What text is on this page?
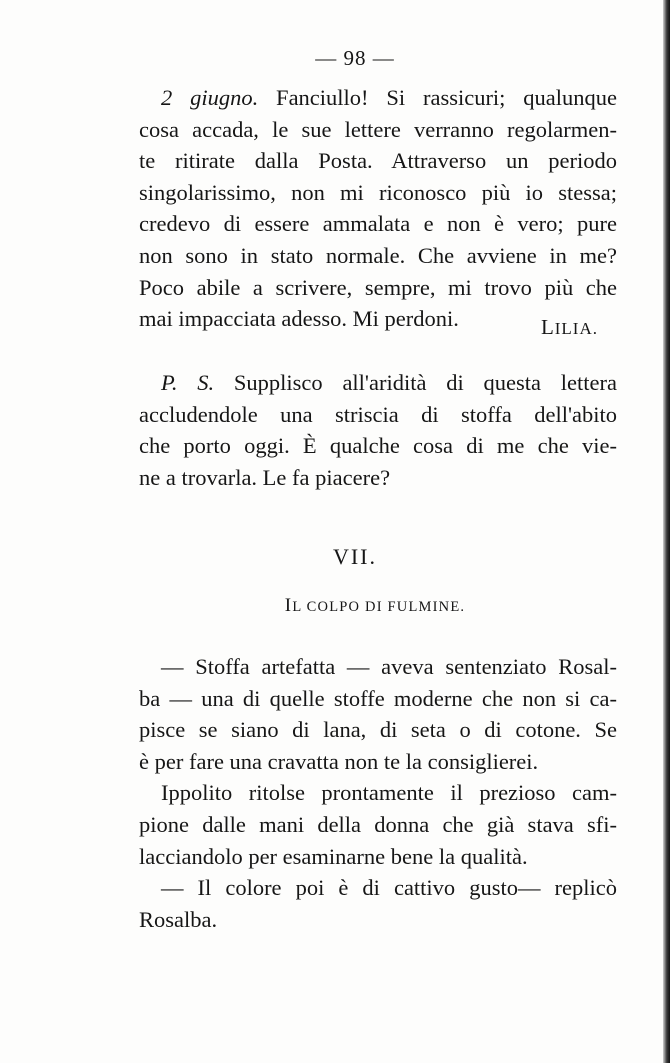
— 98 —
2 giugno. Fanciullo! Si rassicuri; qualunque
cosa accada, le sue lettere verranno regolarmen-
te ritirate dalla Posta. Attraverso un periodo
singolarissimo, non mi riconosco più io stessa;
credevo di essere ammalata e non è vero; pure
non sono in stato normale. Che avviene in me?
Poco abile a scrivere, sempre, mi trovo più che
mai impacciata adesso. Mi perdoni.	LILIA.
P. S. Supplisco all'aridità di questa lettera
accludendole una striscia di stoffa dell'abito
che porto oggi. È qualche cosa di me che vie-
ne a trovarla. Le fa piacere?
VII.
IL COLPO DI FULMINE.
— Stoffa artefatta — aveva sentenziato Rosal-
ba — una di quelle stoffe moderne che non si ca-
pisce se siano di lana, di seta o di cotone. Se
è per fare una cravatta non te la consiglierei.
Ippolito ritolse prontamente il prezioso cam-
pione dalle mani della donna che già stava sfi-
lacciandolo per esaminarne bene la qualità.
— Il colore poi è di cattivo gusto— replicò
Rosalba.
